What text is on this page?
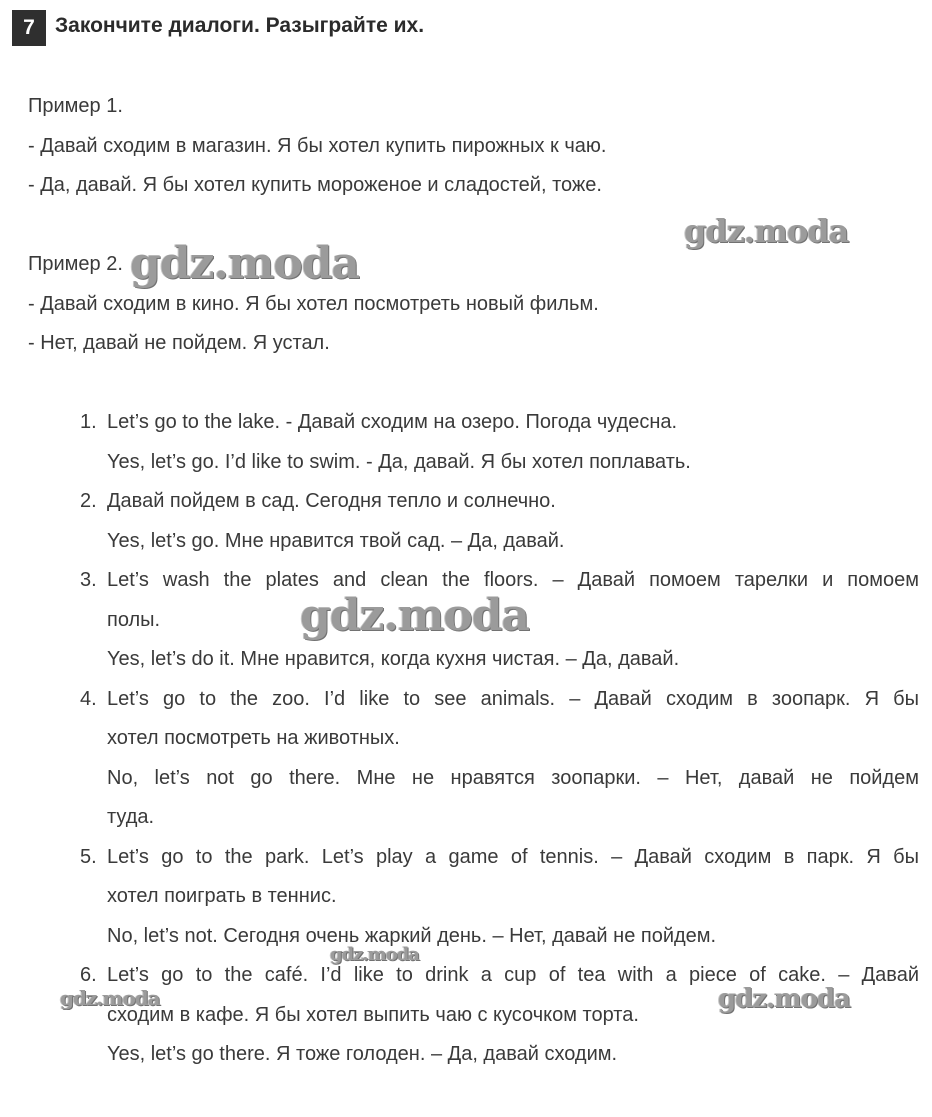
7 Закончите диалоги. Разыграйте их.
Пример 1.
- Давай сходим в магазин. Я бы хотел купить пирожных к чаю.
- Да, давай. Я бы хотел купить мороженое и сладостей, тоже.
Пример 2.
- Давай сходим в кино. Я бы хотел посмотреть новый фильм.
- Нет, давай не пойдем. Я устал.
1. Let’s go to the lake. - Давай сходим на озеро. Погода чудесна.
Yes, let’s go. I’d like to swim. - Да, давай. Я бы хотел поплавать.
2. Давай пойдем в сад. Сегодня тепло и солнечно.
Yes, let’s go. Мне нравится твой сад. – Да, давай.
3. Let’s wash the plates and clean the floors. – Давай помоем тарелки и помоем
полы.
Yes, let’s do it. Мне нравится, когда кухня чистая. – Да, давай.
4. Let’s go to the zoo. I’d like to see animals. – Давай сходим в зоопарк. Я бы
хотел посмотреть на животных.
No, let’s not go there. Мне не нравятся зоопарки. – Нет, давай не пойдем
туда.
5. Let’s go to the park. Let’s play a game of tennis. – Давай сходим в парк. Я бы
хотел поиграть в теннис.
No, let’s not. Сегодня очень жаркий день. – Нет, давай не пойдем.
6. Let’s go to the café. I’d like to drink a cup of tea with a piece of cake. – Давай
сходим в кафе. Я бы хотел выпить чаю с кусочком торта.
Yes, let’s go there. Я тоже голоден. – Да, давай сходим.
gdz.moda
gdz.moda
gdz.moda
gdz.moda
gdz.moda	gdz.moda
